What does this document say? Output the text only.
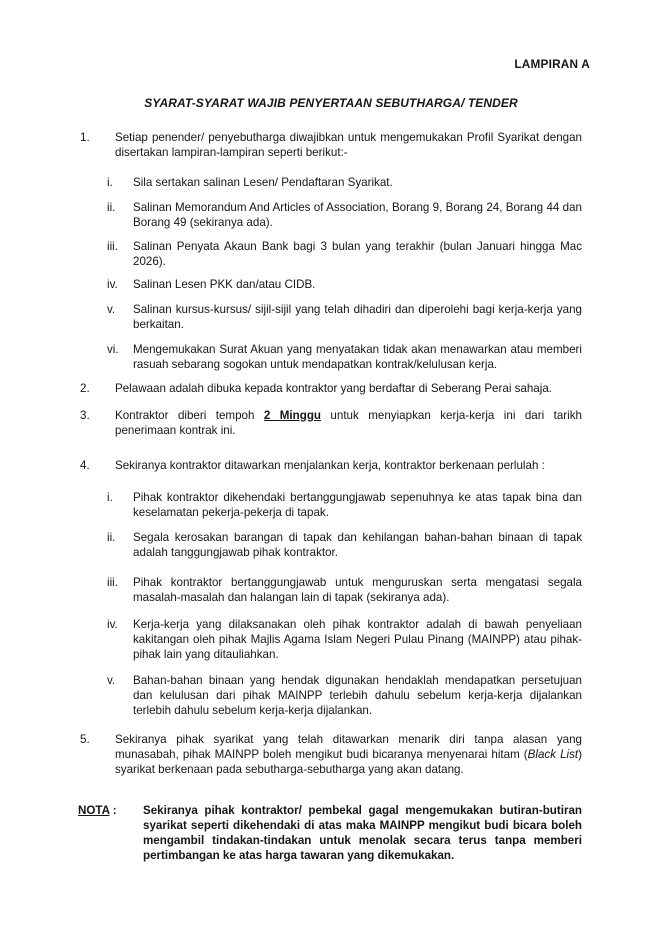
LAMPIRAN A
SYARAT-SYARAT WAJIB PENYERTAAN SEBUTHARGA/ TENDER
1.	Setiap penender/ penyebutharga diwajibkan untuk mengemukakan Profil Syarikat dengan disertakan lampiran-lampiran seperti berikut:-
i.	Sila sertakan salinan Lesen/ Pendaftaran Syarikat.
ii.	Salinan Memorandum And Articles of Association, Borang 9, Borang 24, Borang 44 dan Borang 49 (sekiranya ada).
iii.	Salinan Penyata Akaun Bank bagi 3 bulan yang terakhir (bulan Januari hingga Mac 2026).
iv.	Salinan Lesen PKK dan/atau CIDB.
v.	Salinan kursus-kursus/ sijil-sijil yang telah dihadiri dan diperolehi bagi kerja-kerja yang berkaitan.
vi.	Mengemukakan Surat Akuan yang menyatakan tidak akan menawarkan atau memberi rasuah sebarang sogokan untuk mendapatkan kontrak/kelulusan kerja.
2.	Pelawaan adalah dibuka kepada kontraktor yang berdaftar di Seberang Perai sahaja.
3.	Kontraktor diberi tempoh 2 Minggu untuk menyiapkan kerja-kerja ini dari tarikh penerimaan kontrak ini.
4.	Sekiranya kontraktor ditawarkan menjalankan kerja, kontraktor berkenaan perlulah :
i.	Pihak kontraktor dikehendaki bertanggungjawab sepenuhnya ke atas tapak bina dan keselamatan pekerja-pekerja di tapak.
ii.	Segala kerosakan barangan di tapak dan kehilangan bahan-bahan binaan di tapak adalah tanggungjawab pihak kontraktor.
iii.	Pihak kontraktor bertanggungjawab untuk menguruskan serta mengatasi segala masalah-masalah dan halangan lain di tapak (sekiranya ada).
iv.	Kerja-kerja yang dilaksanakan oleh pihak kontraktor adalah di bawah penyeliaan kakitangan oleh pihak Majlis Agama Islam Negeri Pulau Pinang (MAINPP) atau pihak-pihak lain yang ditauliahkan.
v.	Bahan-bahan binaan yang hendak digunakan hendaklah mendapatkan persetujuan dan kelulusan dari pihak MAINPP terlebih dahulu sebelum kerja-kerja dijalankan terlebih dahulu sebelum kerja-kerja dijalankan.
5.	Sekiranya pihak syarikat yang telah ditawarkan menarik diri tanpa alasan yang munasabah, pihak MAINPP boleh mengikut budi bicaranya menyenarai hitam (Black List) syarikat berkenaan pada sebutharga-sebutharga yang akan datang.
NOTA :	Sekiranya pihak kontraktor/ pembekal gagal mengemukakan butiran-butiran syarikat seperti dikehendaki di atas maka MAINPP mengikut budi bicara boleh mengambil tindakan-tindakan untuk menolak secara terus tanpa memberi pertimbangan ke atas harga tawaran yang dikemukakan.
